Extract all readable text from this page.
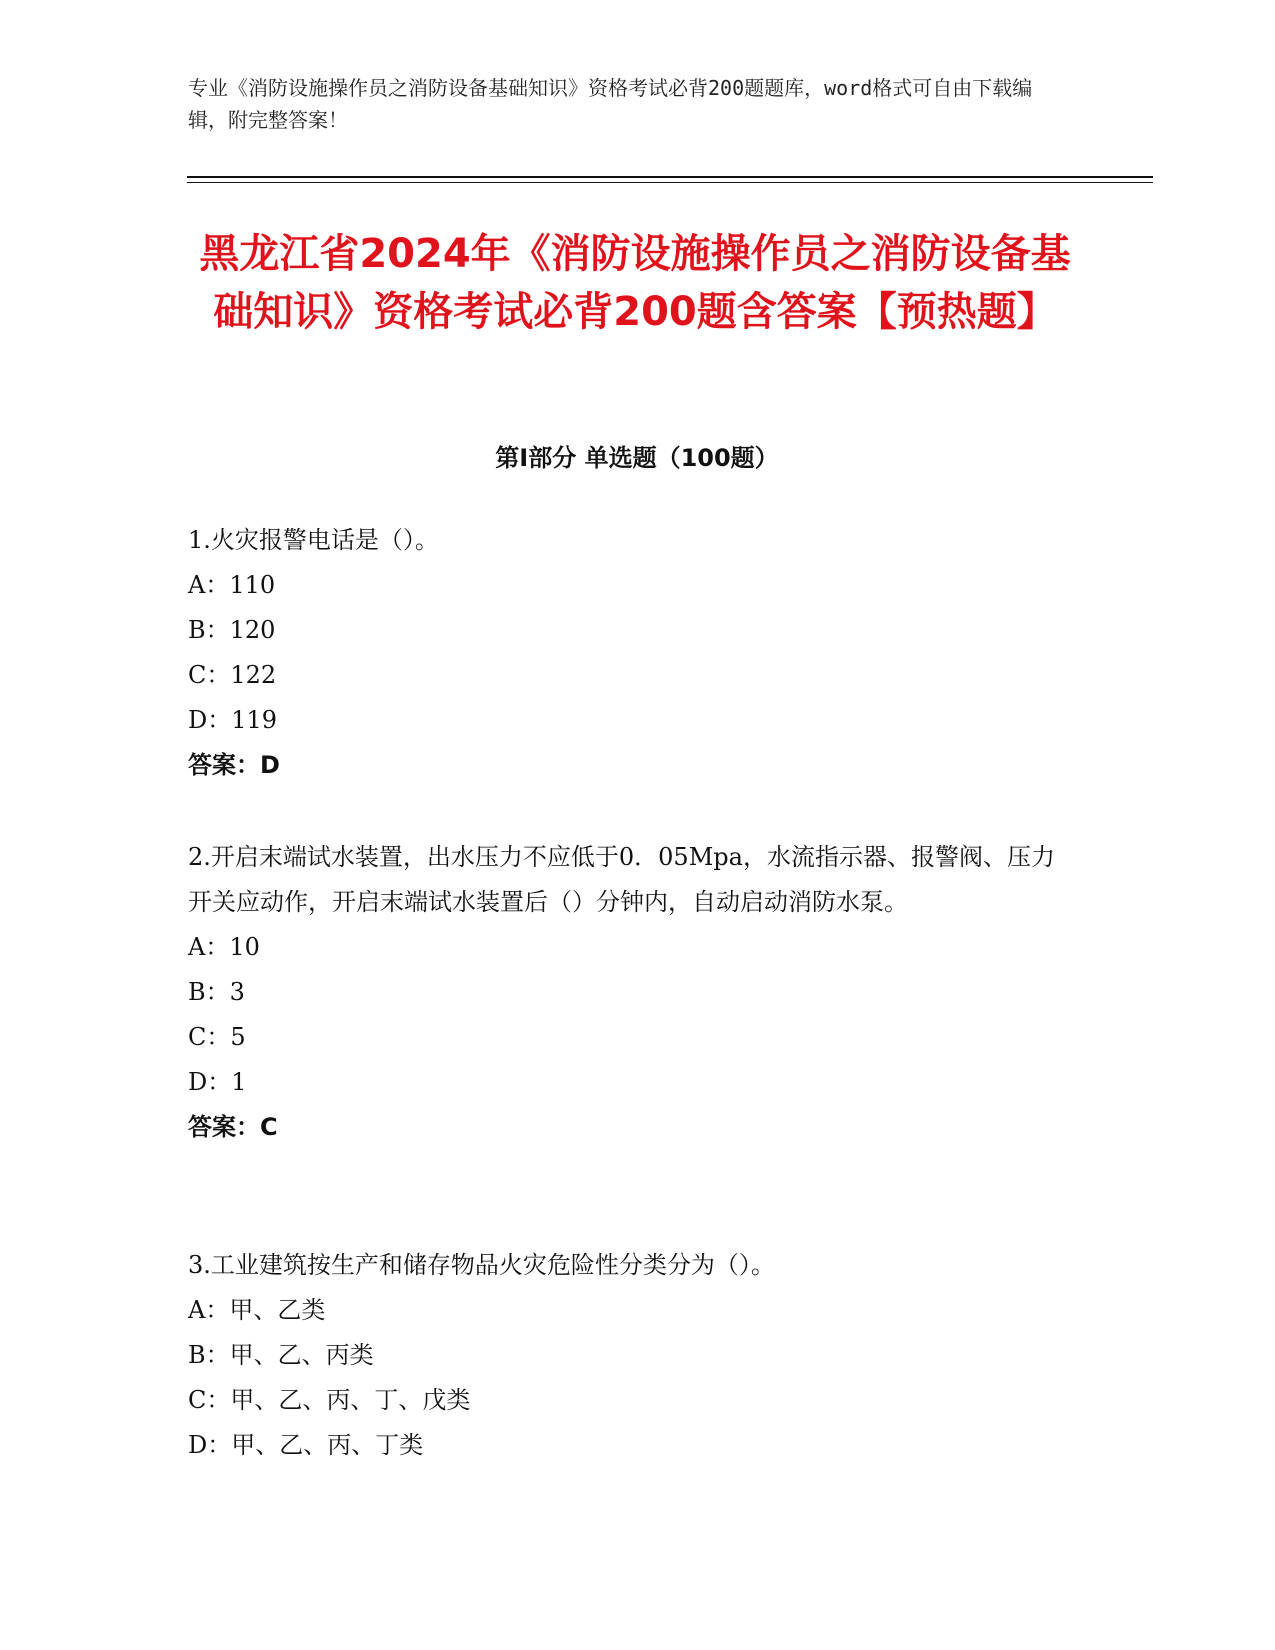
专业《消防设施操作员之消防设备基础知识》资格考试必背200题题库，word格式可自由下载编辑，附完整答案！
黑龙江省2024年《消防设施操作员之消防设备基础知识》资格考试必背200题含答案【预热题】
第Ⅰ部分 单选题（100题）

1.火灾报警电话是（）。

A：110

B：120

C：122

D：119

答案：D

2.开启末端试水装置，出水压力不应低于0．05Mpa，水流指示器、报警阀、压力开关应动作，开启末端试水装置后（）分钟内，自动启动消防水泵。

A：10

B：3

C：5

D：1

答案：C

3.工业建筑按生产和储存物品火灾危险性分类分为（）。

A：甲、乙类

B：甲、乙、丙类

C：甲、乙、丙、丁、戊类

D：甲、乙、丙、丁类
